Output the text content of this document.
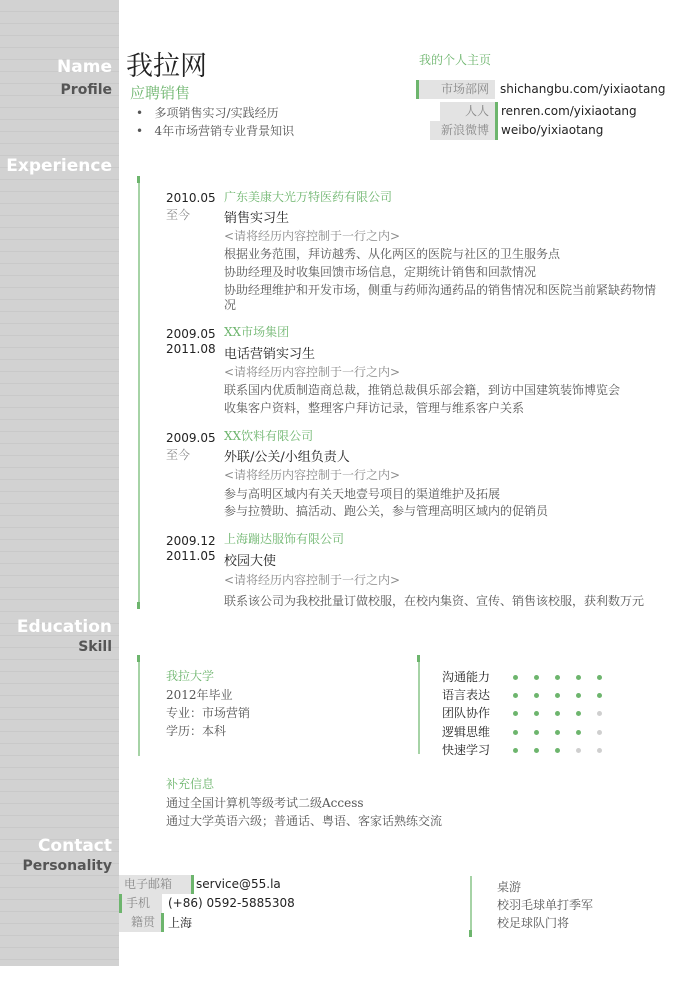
Name
Profile
Experience
Education
Skill
Contact
Personality
我拉网
应聘销售
•   多项销售实习/实践经历
•   4年市场营销专业背景知识
我的个人主页
市场部网 shichangbu.com/yixiaotang
人人	renren.com/yixiaotang
新浪微博	weibo/yixiaotang
2010.05
至今
广东美康大光万特医药有限公司
销售实习生
<请将经历内容控制于一行之内>
根据业务范围，拜访越秀、从化两区的医院与社区的卫生服务点
协助经理及时收集回馈市场信息，定期统计销售和回款情况
协助经理维护和开发市场，侧重与药师沟通药品的销售情况和医院当前紧缺药物情
况
2009.05
2011.08
XX市场集团
电话营销实习生
<请将经历内容控制于一行之内>
联系国内优质制造商总裁，推销总裁俱乐部会籍，到访中国建筑装饰博览会
收集客户资料，整理客户拜访记录，管理与维系客户关系
2009.05
至今
XX饮料有限公司
外联/公关/小组负责人
<请将经历内容控制于一行之内>
参与高明区域内有关天地壹号项目的渠道维护及拓展
参与拉赞助、搞活动、跑公关，参与管理高明区域内的促销员
2009.12
2011.05
上海蹦达服饰有限公司
校园大使
<请将经历内容控制于一行之内>
联系该公司为我校批量订做校服，在校内集资、宣传、销售该校服，获利数万元
我拉大学
2012年毕业
专业：市场营销
学历：本科
沟通能力
语言表达
团队协作
逻辑思维
快速学习
补充信息
通过全国计算机等级考试二级Access
通过大学英语六级；普通话、粤语、客家话熟练交流
电子邮箱	service@55.la
手机	(+86) 0592-5885308
籍贯	上海
桌游
校羽毛球单打季军
校足球队门将
